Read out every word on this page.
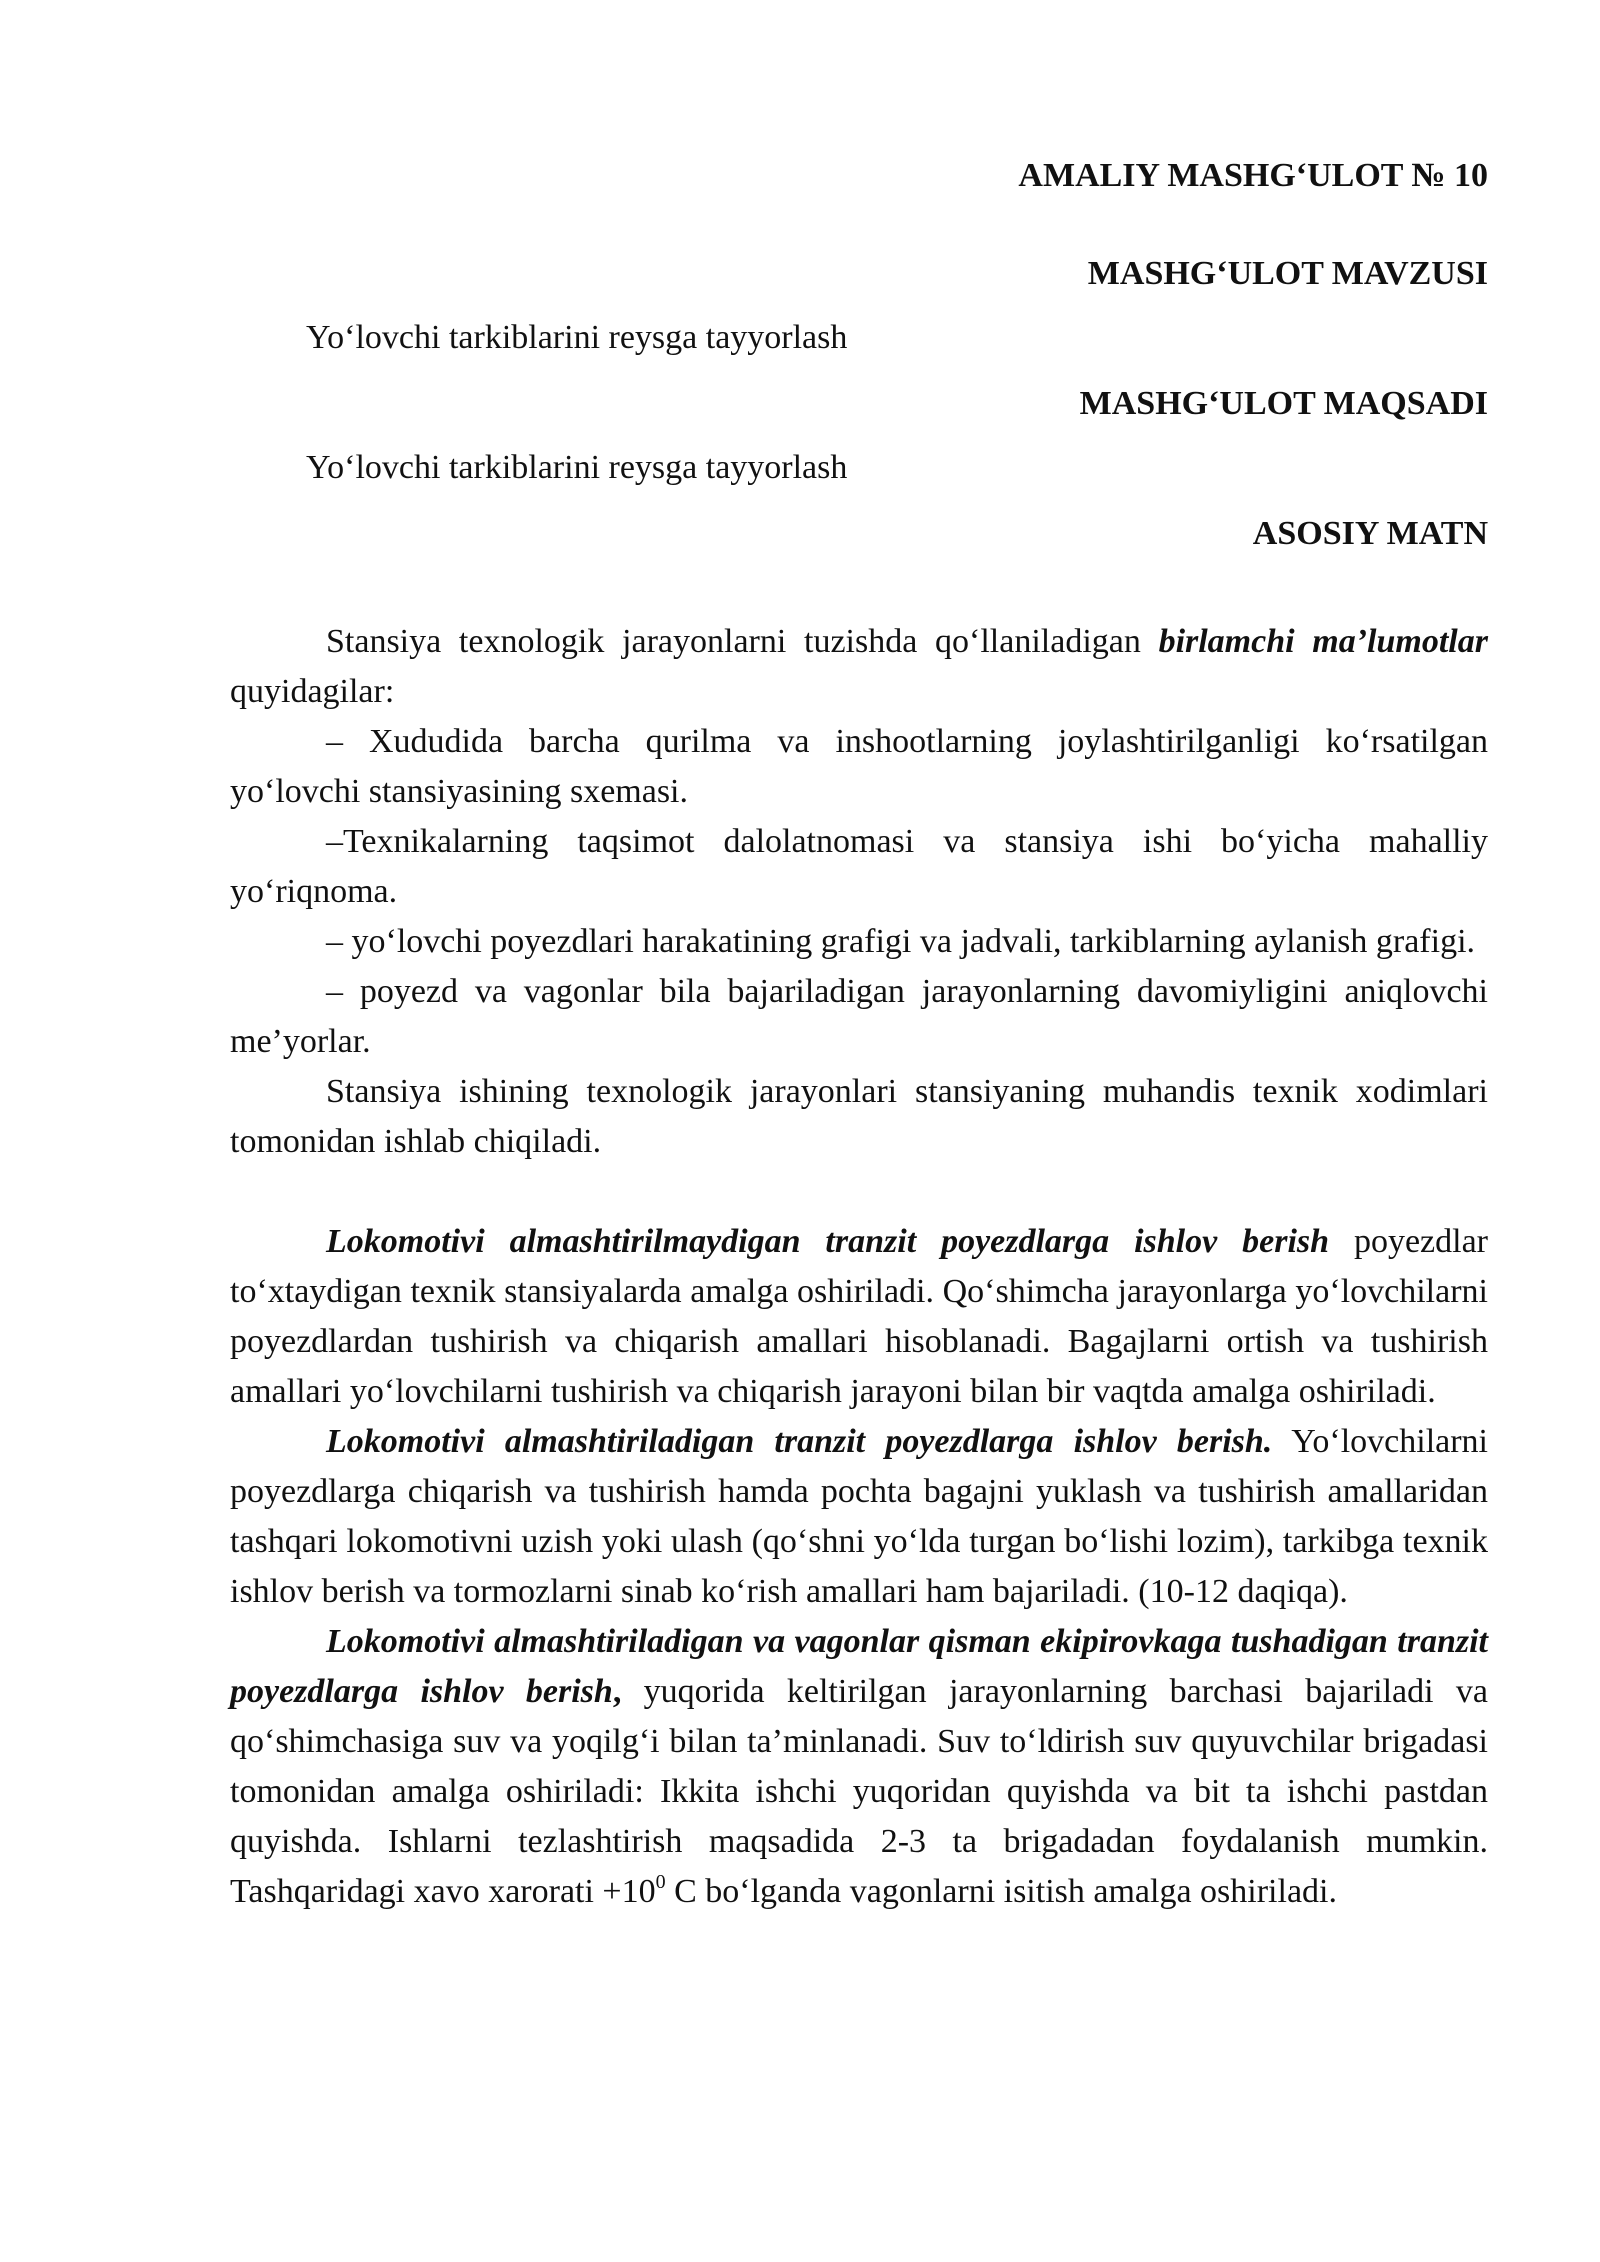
AMALIY MASHG‘ULOT № 10
MASHG‘ULOT MAVZUSI
Yo‘lovchi tarkiblarini reysga tayyorlash
MASHG‘ULOT MAQSADI
Yo‘lovchi tarkiblarini reysga tayyorlash
ASOSIY MATN

Stansiya texnologik jarayonlarni tuzishda qo‘llaniladigan birlamchi ma’lumotlar quyidagilar:

– Xududida barcha qurilma va inshootlarning joylashtirilganligi ko‘rsatilgan yo‘lovchi stansiyasining sxemasi.

–Texnikalarning taqsimot dalolatnomasi va stansiya ishi bo‘yicha mahalliy yo‘riqnoma.

– yo‘lovchi poyezdlari harakatining grafigi va jadvali, tarkiblarning aylanish grafigi.

– poyezd va vagonlar bila bajariladigan jarayonlarning davomiyligini aniqlovchi me’yorlar.

Stansiya ishining texnologik jarayonlari stansiyaning muhandis texnik xodimlari tomonidan ishlab chiqiladi.

Lokomotivi almashtirilmaydigan tranzit poyezdlarga ishlov berish poyezdlar to‘xtaydigan texnik stansiyalarda amalga oshiriladi. Qo‘shimcha jarayonlarga yo‘lovchilarni poyezdlardan tushirish va chiqarish amallari hisoblanadi. Bagajlarni ortish va tushirish amallari yo‘lovchilarni tushirish va chiqarish jarayoni bilan bir vaqtda amalga oshiriladi.

Lokomotivi almashtiriladigan tranzit poyezdlarga ishlov berish. Yo‘lovchilarni poyezdlarga chiqarish va tushirish hamda pochta bagajni yuklash va tushirish amallaridan tashqari lokomotivni uzish yoki ulash (qo‘shni yo‘lda turgan bo‘lishi lozim), tarkibga texnik ishlov berish va tormozlarni sinab ko‘rish amallari ham bajariladi. (10-12 daqiqa).

Lokomotivi almashtiriladigan va vagonlar qisman ekipirovkaga tushadigan tranzit poyezdlarga ishlov berish, yuqorida keltirilgan jarayonlarning barchasi bajariladi va qo‘shimchasiga suv va yoqilg‘i bilan ta’minlanadi. Suv to‘ldirish suv quyuvchilar brigadasi tomonidan amalga oshiriladi: Ikkita ishchi yuqoridan quyishda va bit ta ishchi pastdan quyishda. Ishlarni tezlashtirish maqsadida 2-3 ta brigadadan foydalanish mumkin. Tashqaridagi xavo xarorati $+10^0$ C bo‘lganda vagonlarni isitish amalga oshiriladi.
